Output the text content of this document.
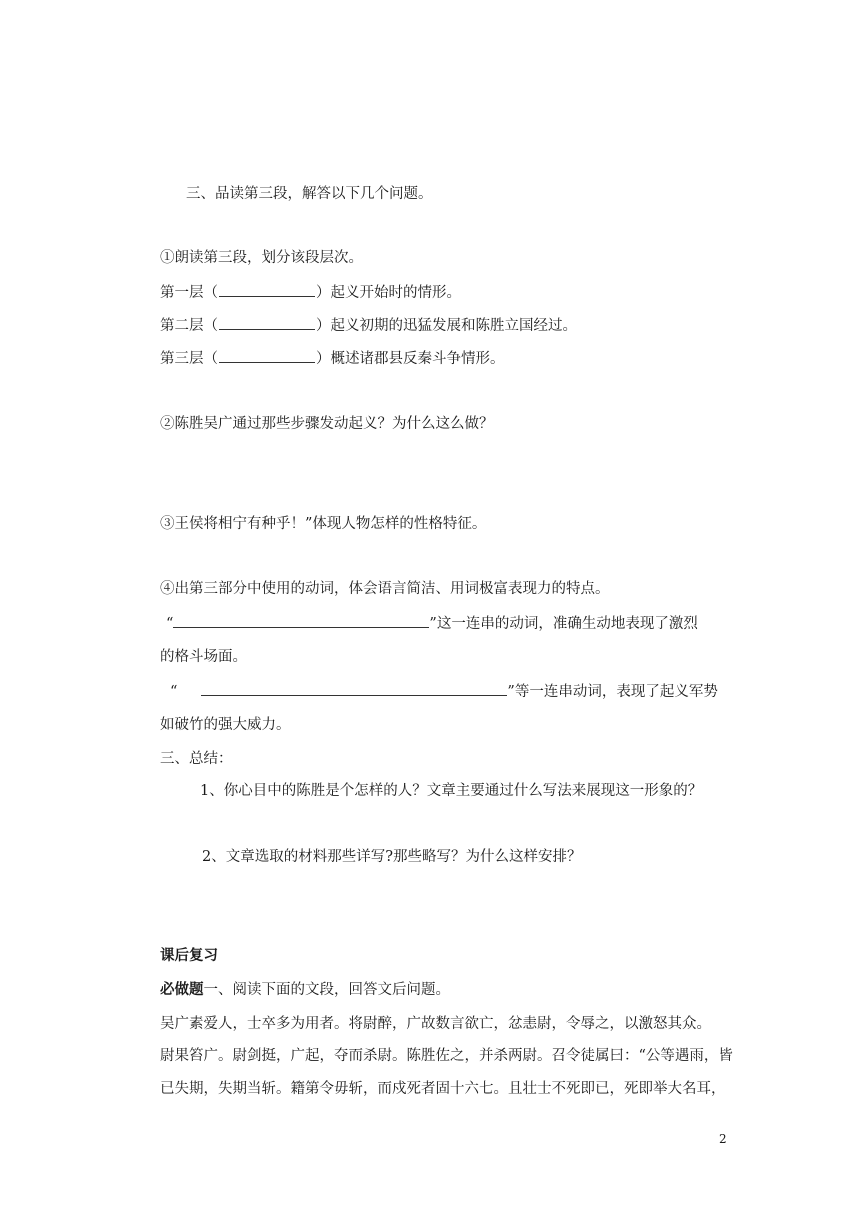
三、品读第三段，解答以下几个问题。
①朗读第三段，划分该段层次。
第一层（	）起义开始时的情形。
第二层（	）起义初期的迅猛发展和陈胜立国经过。
第三层（	）概述诸郡县反秦斗争情形。
②陈胜吴广通过那些步骤发动起义？为什么这么做？
③王侯将相宁有种乎！”体现人物怎样的性格特征。
④出第三部分中使用的动词，体会语言简洁、用词极富表现力的特点。
“	”这一连串的动词，准确生动地表现了激烈
的格斗场面。
“	”等一连串动词，表现了起义军势
如破竹的强大威力。
三、总结：
1、你心目中的陈胜是个怎样的人？文章主要通过什么写法来展现这一形象的？
2、文章选取的材料那些详写?那些略写？为什么这样安排？
课后复习
必做题一、阅读下面的文段，回答文后问题。
吴广素爱人，士卒多为用者。将尉醉，广故数言欲亡，忿恚尉，令辱之，以激怒其众。
尉果笞广。尉剑挺，广起，夺而杀尉。陈胜佐之，并杀两尉。召令徒属曰：“公等遇雨，皆
已失期，失期当斩。籍第令毋斩，而戍死者固十六七。且壮士不死即已，死即举大名耳，
2
